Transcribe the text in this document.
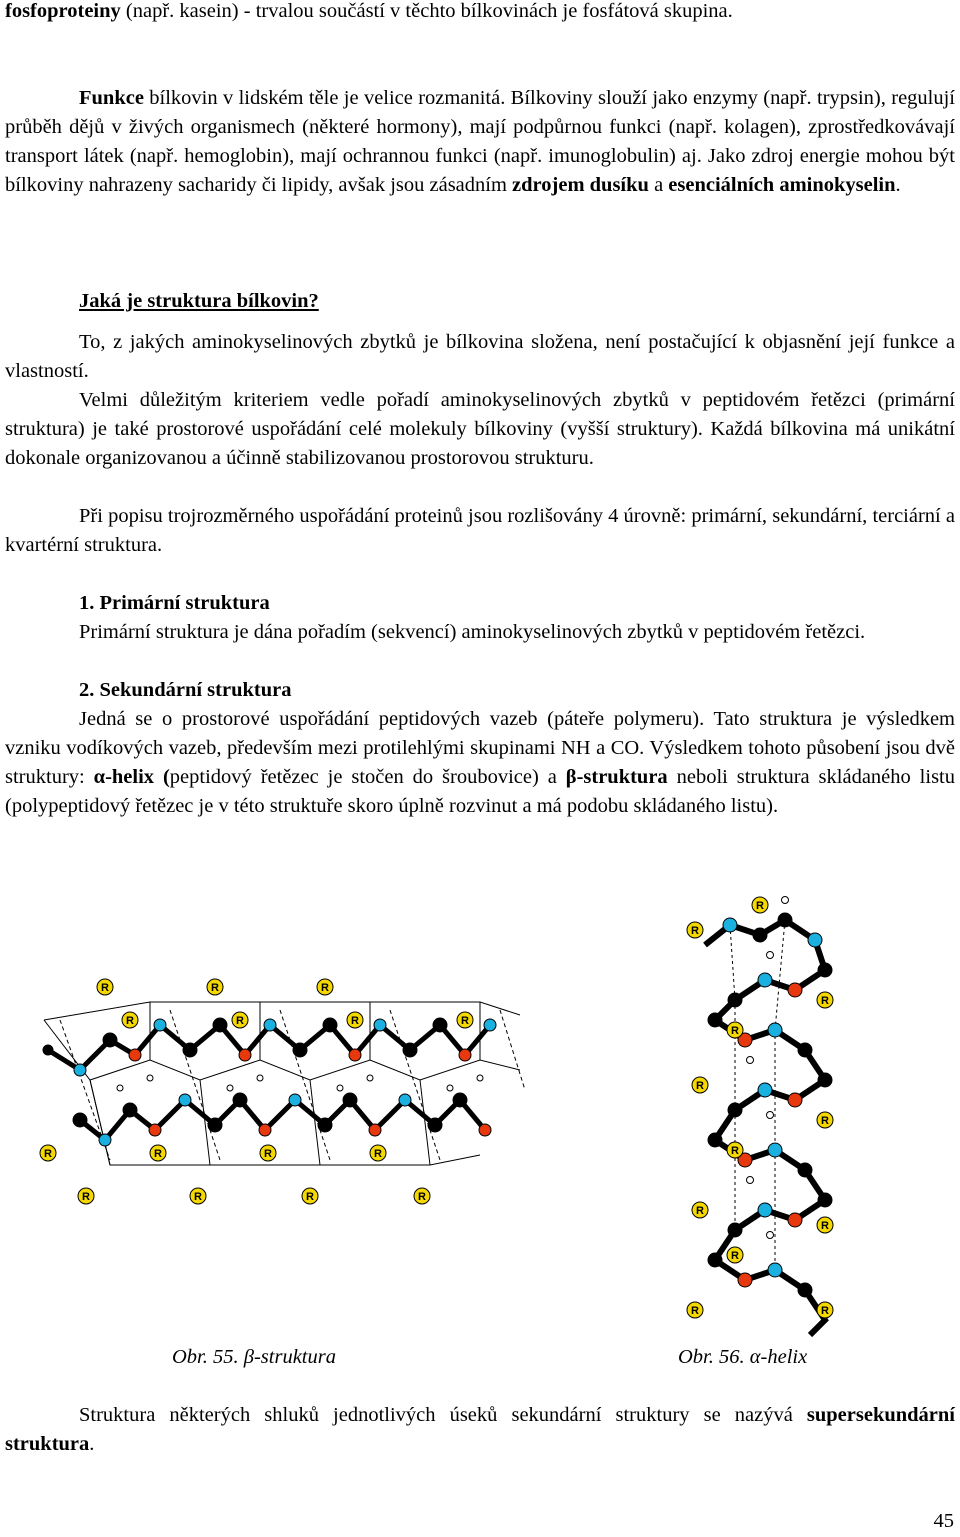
fosfoproteiny (např. kasein) - trvalou součástí v těchto bílkovinách je fosfátová skupina.

Funkce bílkovin v lidském těle je velice rozmanitá. Bílkoviny slouží jako enzymy (např. trypsin), regulují průběh dějů v živých organismech (některé hormony), mají podpůrnou funkci (např. kolagen), zprostředkovávají transport látek (např. hemoglobin), mají ochrannou funkci (např. imunoglobulin) aj. Jako zdroj energie mohou být bílkoviny nahrazeny sacharidy či lipidy, avšak jsou zásadním zdrojem dusíku a esenciálních aminokyselin.

Jaká je struktura bílkovin?

To, z jakých aminokyselinových zbytků je bílkovina složena, není postačující k objasnění její funkce a vlastností.

Velmi důležitým kriteriem vedle pořadí aminokyselinových zbytků v peptidovém řetězci (primární struktura) je také prostorové uspořádání celé molekuly bílkoviny (vyšší struktury). Každá bílkovina má unikátní dokonale organizovanou a účinně stabilizovanou prostorovou strukturu.

Při popisu trojrozměrného uspořádání proteinů jsou rozlišovány 4 úrovně: primární, sekundární, terciární a kvartérní struktura.

1. Primární struktura

Primární struktura je dána pořadím (sekvencí) aminokyselinových zbytků v peptidovém řetězci.

2. Sekundární struktura

Jedná se o prostorové uspořádání peptidových vazeb (páteře polymeru). Tato struktura je výsledkem vzniku vodíkových vazeb, především mezi protilehlými skupinami NH a CO. Výsledkem tohoto působení jsou dvě struktury: α-helix (peptidový řetězec je stočen do šroubovice) a β-struktura neboli struktura skládaného listu (polypeptidový řetězec je v této struktuře skoro úplně rozvinut a má podobu skládaného listu).

R	R	R
R	R	R	R
R	R	R	R
R	R	R	R
R
R
R
R
R
R
R
R
R
R
R	R

Obr. 55. β-struktura	Obr. 56. α-helix

Struktura některých shluků jednotlivých úseků sekundární struktury se nazývá supersekundární struktura.

45
